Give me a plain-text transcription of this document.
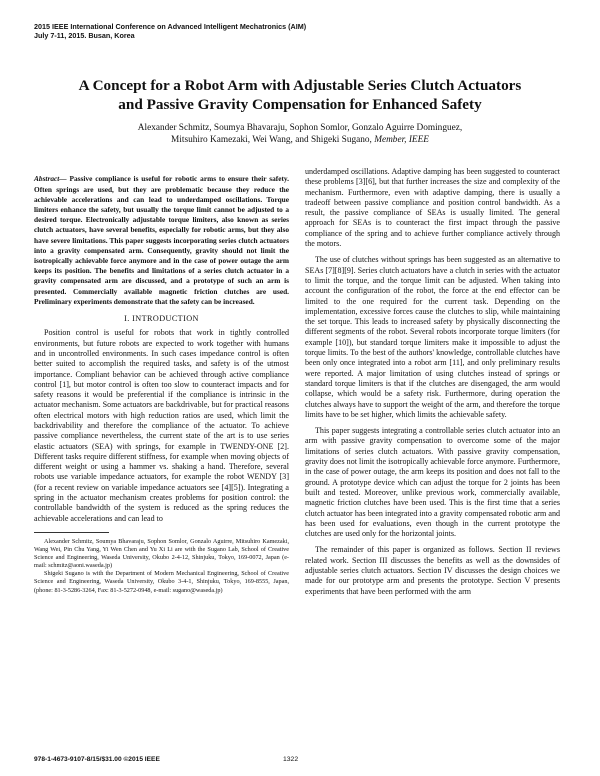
2015 IEEE International Conference on Advanced Intelligent Mechatronics (AIM)
July 7-11, 2015. Busan, Korea
A Concept for a Robot Arm with Adjustable Series Clutch Actuators
and Passive Gravity Compensation for Enhanced Safety
Alexander Schmitz, Soumya Bhavaraju, Sophon Somlor, Gonzalo Aguirre Dominguez,
Mitsuhiro Kamezaki, Wei Wang, and Shigeki Sugano, Member, IEEE

Abstract— Passive compliance is useful for robotic arms to ensure their safety. Often springs are used, but they are problematic because they reduce the achievable accelerations and can lead to underdamped oscillations. Torque limiters enhance the safety, but usually the torque limit cannot be adjusted to a desired torque. Electronically adjustable torque limiters, also known as series clutch actuators, have several benefits, especially for robotic arms, but they also have severe limitations. This paper suggests incorporating series clutch actuators into a gravity compensated arm. Consequently, gravity should not limit the isotropically achievable force anymore and in the case of power outage the arm keeps its position. The benefits and limitations of a series clutch actuator in a gravity compensated arm are discussed, and a prototype of such an arm is presented. Commercially available magnetic friction clutches are used. Preliminary experiments demonstrate that the safety can be increased.

I. INTRODUCTION

Position control is useful for robots that work in tightly controlled environments, but future robots are expected to work together with humans and in uncontrolled environments. In such cases impedance control is often better suited to accomplish the required tasks, and safety is of the utmost importance. Compliant behavior can be achieved through active compliance control [1], but motor control is often too slow to counteract impacts and for safety reasons it would be preferential if the compliance is intrinsic in the actuator mechanism. Some actuators are backdrivable, but for practical reasons often electrical motors with high reduction ratios are used, which limit the backdrivability and therefore the compliance of the actuator. To achieve passive compliance nevertheless, the current state of the art is to use series elastic actuators (SEA) with springs, for example in TWENDY-ONE [2]. Different tasks require different stiffness, for example when moving objects of different weight or using a hammer vs. shaking a hand. Therefore, several robots use variable impedance actuators, for example the robot WENDY [3] (for a recent review on variable impedance actuators see [4][5]). Integrating a spring in the actuator mechanism creates problems for position control: the controllable bandwidth of the system is reduced as the spring reduces the achievable accelerations and can lead to

Alexander Schmitz, Soumya Bhavaraju, Sophon Somlor, Gonzalo Aguirre, Mitsuhiro Kamezaki, Wang Wei, Pin Chu Yang, Yi Wen Chen and Yu Xi Li are with the Sugano Lab, School of Creative Science and Engineering, Waseda University, Okubo 2-4-12, Shinjuku, Tokyo, 169-0072, Japan (e-mail: schmitz@aoni.waseda.jp)

Shigeki Sugano is with the Department of Modern Mechanical Engineering, School of Creative Science and Engineering, Waseda University, Okubo 3-4-1, Shinjuku, Tokyo, 169-8555, Japan, (phone: 81-3-5286-3264, Fax: 81-3-5272-0948, e-mail: sugano@waseda.jp)

underdamped oscillations. Adaptive damping has been suggested to counteract these problems [3][6], but that further increases the size and complexity of the mechanism. Furthermore, even with adaptive damping, there is usually a tradeoff between passive compliance and position control bandwidth. As a result, the passive compliance of SEAs is usually limited. The general approach for SEAs is to counteract the first impact through the passive compliance of the spring and to achieve further compliance actively through the motors.

The use of clutches without springs has been suggested as an alternative to SEAs [7][8][9]. Series clutch actuators have a clutch in series with the actuator to limit the torque, and the torque limit can be adjusted. When taking into account the configuration of the robot, the force at the end effector can be limited to the one required for the current task. Depending on the implementation, excessive forces cause the clutches to slip, while maintaining the set torque. This leads to increased safety by physically disconnecting the different segments of the robot. Several robots incorporate torque limiters (for example [10]), but standard torque limiters make it impossible to adjust the torque limits. To the best of the authors' knowledge, controllable clutches have been only once integrated into a robot arm [11], and only preliminary results were reported. A major limitation of using clutches instead of springs or standard torque limiters is that if the clutches are disengaged, the arm would collapse, which would be a safety risk. Furthermore, during operation the clutches always have to support the weight of the arm, and therefore the torque limits have to be set higher, which limits the achievable safety.

This paper suggests integrating a controllable series clutch actuator into an arm with passive gravity compensation to overcome some of the major limitations of series clutch actuators. With passive gravity compensation, gravity does not limit the isotropically achievable force anymore. Furthermore, in the case of power outage, the arm keeps its position and does not fall to the ground. A prototype device which can adjust the torque for 2 joints has been built and tested. Moreover, unlike previous work, commercially available, magnetic friction clutches have been used. This is the first time that a series clutch actuator has been integrated into a gravity compensated robotic arm and has been used for evaluations, even though in the current prototype the clutches are used only for the horizontal joints.

The remainder of this paper is organized as follows. Section II reviews related work. Section III discusses the benefits as well as the downsides of adjustable series clutch actuators. Section IV discusses the design choices we made for our prototype arm and presents the prototype. Section V presents experiments that have been performed with the arm

978-1-4673-9107-8/15/$31.00 ©2015 IEEE	1322
